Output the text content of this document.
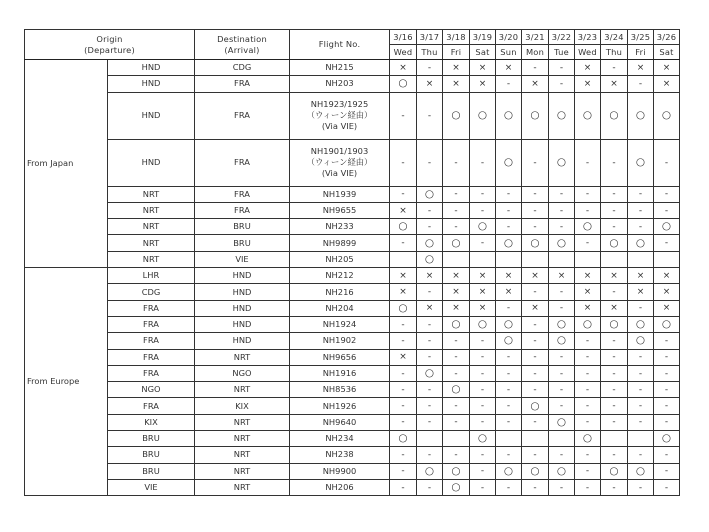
Origin
(Departure)		Destination
(Arrival)	Flight No.	3/16	3/17	3/18	3/19	3/20	3/21	3/22	3/23	3/24	3/25	3/26
				Wed	Thu	Fri	Sat	Sun	Mon	Tue	Wed	Thu	Fri	Sat
From Japan	HND	CDG	NH215	×	-	×	×	×	-	-	×	-	×	×
	HND	FRA	NH203	○	×	×	×	-	×	-	×	×	-	×
	HND	FRA	NH1923/1925
（ウィーン経由）
(Via VIE)	-	-	○	○	○	○	○	○	○	○	○
	HND	FRA	NH1901/1903
（ウィーン経由）
(Via VIE)	-	-	-	-	○	-	○	-	-	○	-
	NRT	FRA	NH1939	-	○	-	-	-	-	-	-	-	-	-
	NRT	FRA	NH9655	×	-	-	-	-	-	-	-	-	-	-
	NRT	BRU	NH233	○	-	-	○	-	-	-	○	-	-	○
	NRT	BRU	NH9899	-	○	○	-	○	○	○	-	○	○	-
	NRT	VIE	NH205		○									
From Europe	LHR	HND	NH212	×	×	×	×	×	×	×	×	×	×	×
	CDG	HND	NH216	×	-	×	×	×	-	-	×	-	×	×
	FRA	HND	NH204	○	×	×	×	-	×	-	×	×	-	×
	FRA	HND	NH1924	-	-	○	○	○	-	○	○	○	○	○
	FRA	HND	NH1902	-	-	-	-	○	-	○	-	-	○	-
	FRA	NRT	NH9656	×	-	-	-	-	-	-	-	-	-	-
	FRA	NGO	NH1916	-	○	-	-	-	-	-	-	-	-	-
	NGO	NRT	NH8536	-	-	○	-	-	-	-	-	-	-	-
	FRA	KIX	NH1926	-	-	-	-	-	○	-	-	-	-	-
	KIX	NRT	NH9640	-	-	-	-	-	-	○	-	-	-	-
	BRU	NRT	NH234	○			○				○			○
	BRU	NRT	NH238	-	-	-	-	-	-	-	-	-	-	-
	BRU	NRT	NH9900	-	○	○	-	○	○	○	-	○	○	-
	VIE	NRT	NH206	-	-	○	-	-	-	-	-	-	-	-
